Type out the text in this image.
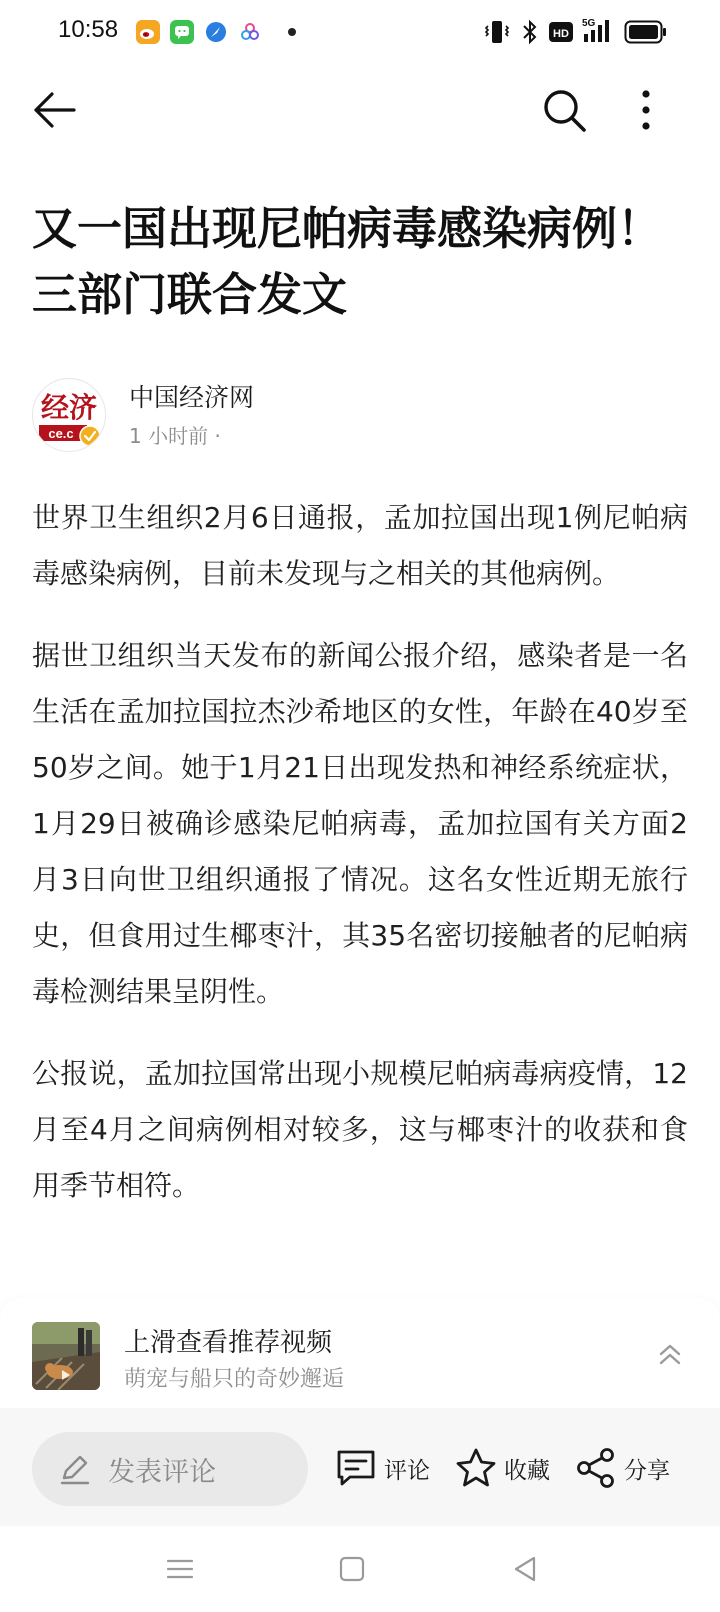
10:58	HD
5G
又一国出现尼帕病毒感染病例！三部门联合发文
经济
ce.c
中国经济网
1 小时前 ·

世界卫生组织2月6日通报，孟加拉国出现1例尼帕病毒感染病例，目前未发现与之相关的其他病例。

据世卫组织当天发布的新闻公报介绍，感染者是一名生活在孟加拉国拉杰沙希地区的女性，年龄在40岁至50岁之间。她于1月21日出现发热和神经系统症状，1月29日被确诊感染尼帕病毒，孟加拉国有关方面2月3日向世卫组织通报了情况。这名女性近期无旅行史，但食用过生椰枣汁，其35名密切接触者的尼帕病毒检测结果呈阴性。

公报说，孟加拉国常出现小规模尼帕病毒病疫情，12月至4月之间病例相对较多，这与椰枣汁的收获和食用季节相符。

上滑查看推荐视频
萌宠与船只的奇妙邂逅
发表评论	评论	收藏	分享
